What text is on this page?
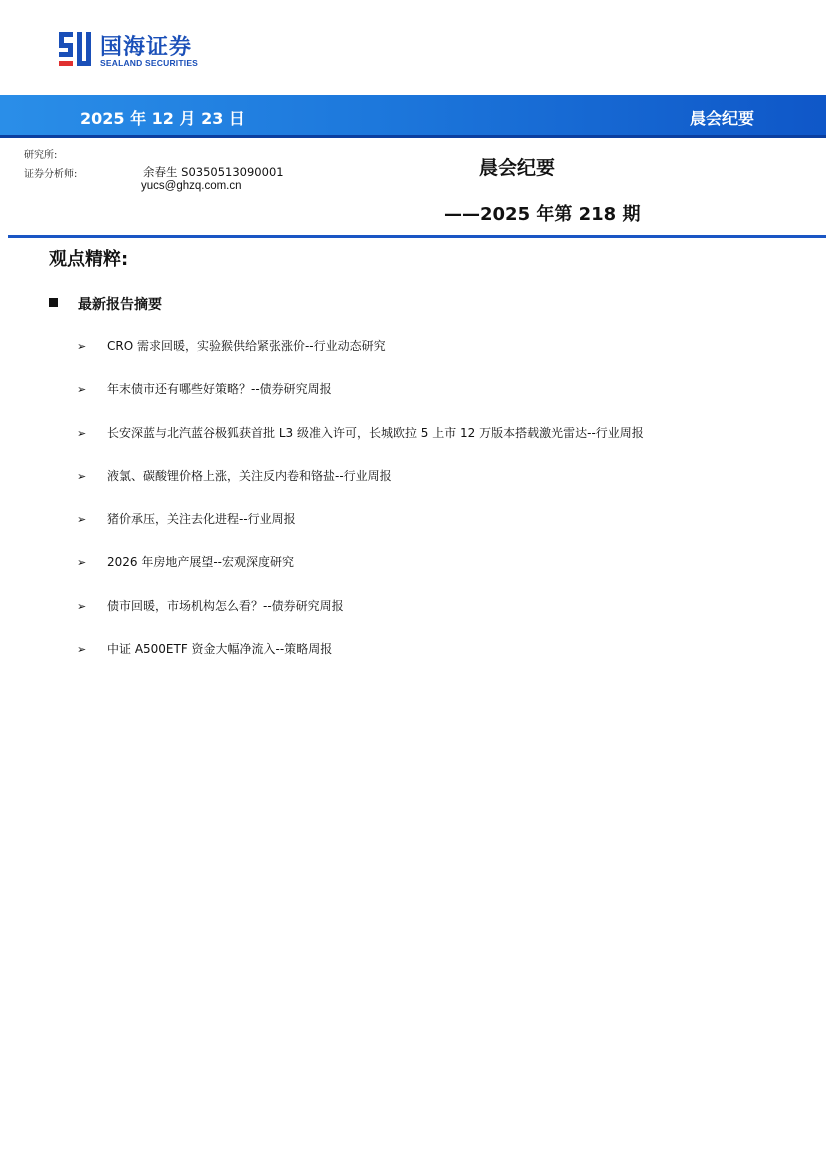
国海证券
SEALAND SECURITIES
2025 年 12 月 23 日	晨会纪要
研究所:
证券分析师:	余春生 S0350513090001
yucs@ghzq.com.cn
晨会纪要
——2025 年第 218 期
观点精粹:
最新报告摘要
➢ CRO 需求回暖，实验猴供给紧张涨价--行业动态研究
➢ 年末债市还有哪些好策略？--债券研究周报
➢ 长安深蓝与北汽蓝谷极狐获首批 L3 级准入许可，长城欧拉 5 上市 12 万版本搭载激光雷达--行业周报
➢ 液氯、碳酸锂价格上涨，关注反内卷和铬盐--行业周报
➢ 猪价承压，关注去化进程--行业周报
➢ 2026 年房地产展望--宏观深度研究
➢ 债市回暖，市场机构怎么看？--债券研究周报
➢ 中证 A500ETF 资金大幅净流入--策略周报
